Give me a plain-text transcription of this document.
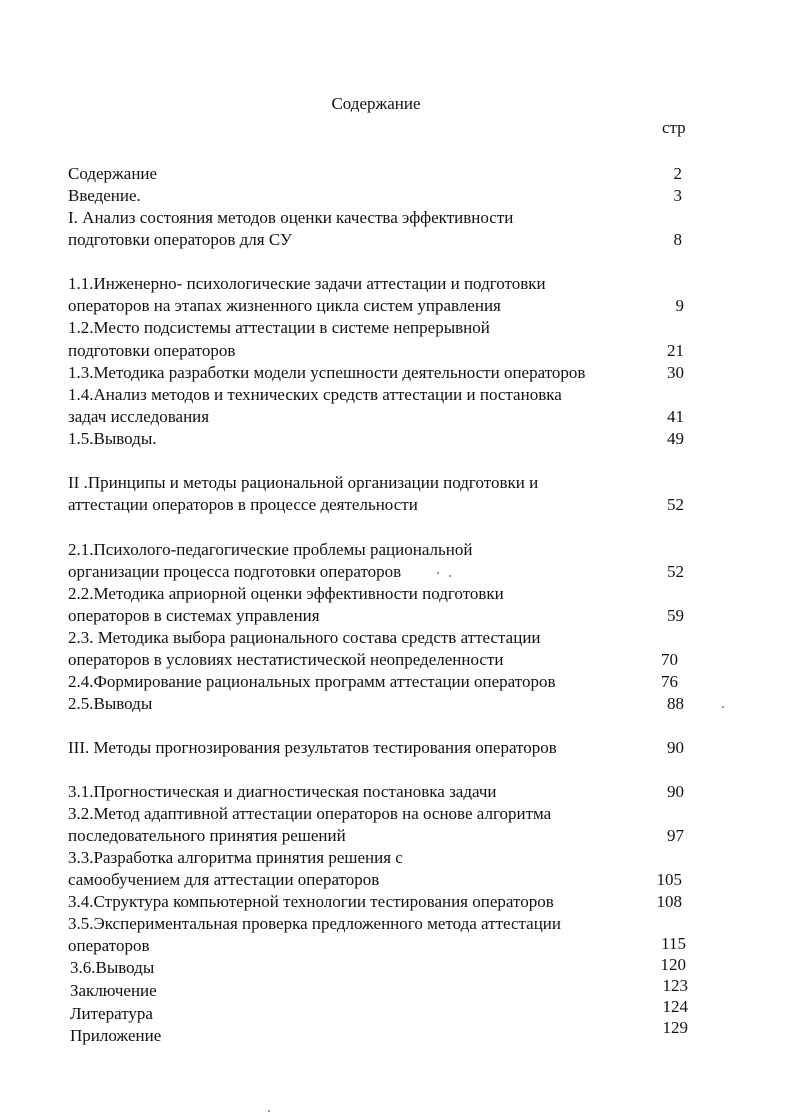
Содержание
стр
Содержание	2
Введение.	3
I. Анализ состояния методов оценки качества эффективности
подготовки операторов для СУ	8
1.1.Инженерно- психологические задачи аттестации и подготовки
операторов на этапах жизненного цикла систем управления	9
1.2.Место подсистемы аттестации в системе непрерывной
подготовки операторов	21
1.3.Методика разработки модели успешности деятельности операторов	30
1.4.Анализ методов и технических средств аттестации и постановка
задач исследования	41
1.5.Выводы.	49
II .Принципы и методы рациональной организации подготовки и
аттестации операторов в процессе деятельности	52
2.1.Психолого-педагогические проблемы рациональной
организации процесса подготовки операторов	52
2.2.Методика априорной оценки эффективности подготовки
операторов в системах управления	59
2.3. Методика выбора рационального состава средств аттестации
операторов в условиях нестатистической неопределенности	70
2.4.Формирование рациональных программ аттестации операторов	76
2.5.Выводы	88
III. Методы прогнозирования результатов тестирования операторов	90
3.1.Прогностическая и диагностическая постановка задачи	90
3.2.Метод адаптивной аттестации операторов на основе алгоритма
последовательного принятия решений	97
3.3.Разработка алгоритма принятия решения с
самообучением для аттестации операторов	105
3.4.Структура компьютерной технологии тестирования операторов	108
3.5.Экспериментальная проверка предложенного метода аттестации
операторов	115
3.6.Выводы	120
Заключение	123
Литература	124
Приложение	129
